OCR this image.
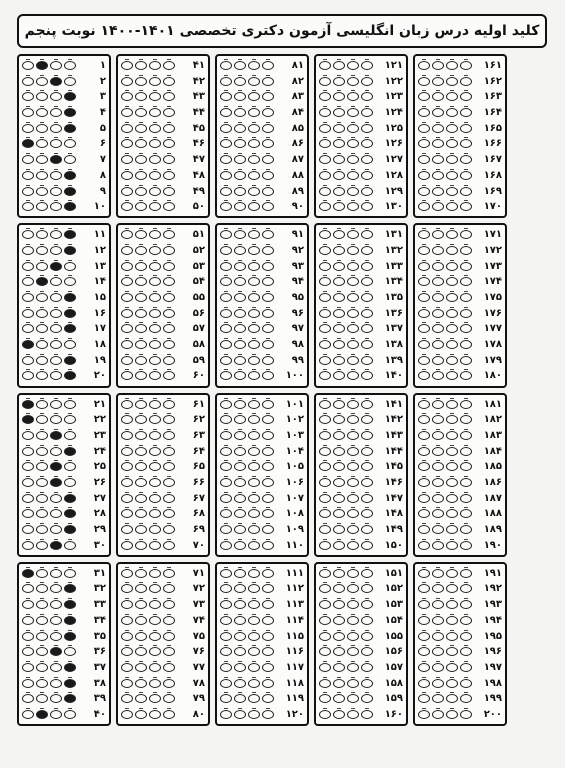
کلید اولیه درس زبان انگلیسی آزمون دکتری تخصصی ۱۴۰۱-۱۴۰۰ نوبت پنجم
۱
۲
۳
۴
۵
۶
۷
۸
۹
۱۰
۴۱
۴۲
۴۳
۴۴
۴۵
۴۶
۴۷
۴۸
۴۹
۵۰
۸۱
۸۲
۸۳
۸۴
۸۵
۸۶
۸۷
۸۸
۸۹
۹۰
۱۲۱
۱۲۲
۱۲۳
۱۲۴
۱۲۵
۱۲۶
۱۲۷
۱۲۸
۱۲۹
۱۳۰
۱۶۱
۱۶۲
۱۶۳
۱۶۴
۱۶۵
۱۶۶
۱۶۷
۱۶۸
۱۶۹
۱۷۰
۱۱
۱۲
۱۳
۱۴
۱۵
۱۶
۱۷
۱۸
۱۹
۲۰
۵۱
۵۲
۵۳
۵۴
۵۵
۵۶
۵۷
۵۸
۵۹
۶۰
۹۱
۹۲
۹۳
۹۴
۹۵
۹۶
۹۷
۹۸
۹۹
۱۰۰
۱۳۱
۱۳۲
۱۳۳
۱۳۴
۱۳۵
۱۳۶
۱۳۷
۱۳۸
۱۳۹
۱۴۰
۱۷۱
۱۷۲
۱۷۳
۱۷۴
۱۷۵
۱۷۶
۱۷۷
۱۷۸
۱۷۹
۱۸۰
۲۱
۲۲
۲۳
۲۴
۲۵
۲۶
۲۷
۲۸
۲۹
۳۰
۶۱
۶۲
۶۳
۶۴
۶۵
۶۶
۶۷
۶۸
۶۹
۷۰
۱۰۱
۱۰۲
۱۰۳
۱۰۴
۱۰۵
۱۰۶
۱۰۷
۱۰۸
۱۰۹
۱۱۰
۱۴۱
۱۴۲
۱۴۳
۱۴۴
۱۴۵
۱۴۶
۱۴۷
۱۴۸
۱۴۹
۱۵۰
۱۸۱
۱۸۲
۱۸۳
۱۸۴
۱۸۵
۱۸۶
۱۸۷
۱۸۸
۱۸۹
۱۹۰
۳۱
۳۲
۳۳
۳۴
۳۵
۳۶
۳۷
۳۸
۳۹
۴۰
۷۱
۷۲
۷۳
۷۴
۷۵
۷۶
۷۷
۷۸
۷۹
۸۰
۱۱۱
۱۱۲
۱۱۳
۱۱۴
۱۱۵
۱۱۶
۱۱۷
۱۱۸
۱۱۹
۱۲۰
۱۵۱
۱۵۲
۱۵۳
۱۵۴
۱۵۵
۱۵۶
۱۵۷
۱۵۸
۱۵۹
۱۶۰
۱۹۱
۱۹۲
۱۹۳
۱۹۴
۱۹۵
۱۹۶
۱۹۷
۱۹۸
۱۹۹
۲۰۰
